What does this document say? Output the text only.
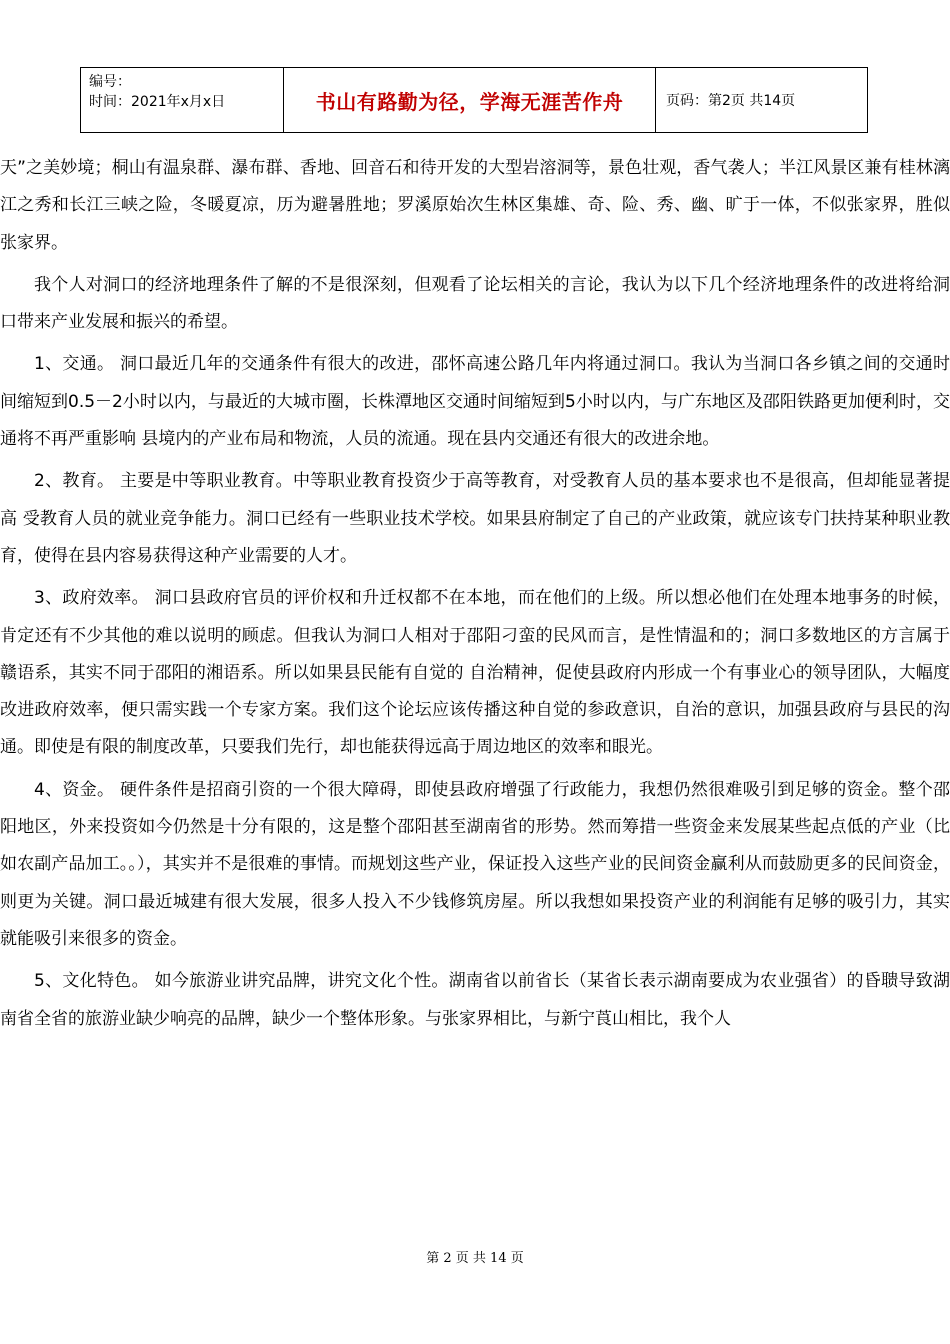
编号：
时间：2021年x月x日	书山有路勤为径，学海无涯苦作舟	页码：第2页 共14页

天”之美妙境；桐山有温泉群、瀑布群、香地、回音石和待开发的大型岩溶洞等，景色壮观，香气袭人；半江风景区兼有桂林漓江之秀和长江三峡之险，冬暖夏凉，历为避暑胜地；罗溪原始次生林区集雄、奇、险、秀、幽、旷于一体，不似张家界，胜似张家界。

我个人对洞口的经济地理条件了解的不是很深刻，但观看了论坛相关的言论，我认为以下几个经济地理条件的改进将给洞口带来产业发展和振兴的希望。

1、交通。 洞口最近几年的交通条件有很大的改进，邵怀高速公路几年内将通过洞口。我认为当洞口各乡镇之间的交通时间缩短到0.5－2小时以内，与最近的大城市圈，长株潭地区交通时间缩短到5小时以内，与广东地区及邵阳铁路更加便利时，交通将不再严重影响 县境内的产业布局和物流，人员的流通。现在县内交通还有很大的改进余地。

2、教育。 主要是中等职业教育。中等职业教育投资少于高等教育，对受教育人员的基本要求也不是很高，但却能显著提高 受教育人员的就业竞争能力。洞口已经有一些职业技术学校。如果县府制定了自己的产业政策，就应该专门扶持某种职业教育，使得在县内容易获得这种产业需要的人才。

3、政府效率。 洞口县政府官员的评价权和升迁权都不在本地，而在他们的上级。所以想必他们在处理本地事务的时候，肯定还有不少其他的难以说明的顾虑。但我认为洞口人相对于邵阳刁蛮的民风而言，是性情温和的；洞口多数地区的方言属于赣语系，其实不同于邵阳的湘语系。所以如果县民能有自觉的 自治精神，促使县政府内形成一个有事业心的领导团队，大幅度改进政府效率，便只需实践一个专家方案。我们这个论坛应该传播这种自觉的参政意识，自治的意识，加强县政府与县民的沟通。即使是有限的制度改革，只要我们先行，却也能获得远高于周边地区的效率和眼光。

4、资金。 硬件条件是招商引资的一个很大障碍，即使县政府增强了行政能力，我想仍然很难吸引到足够的资金。整个邵阳地区，外来投资如今仍然是十分有限的，这是整个邵阳甚至湖南省的形势。然而筹措一些资金来发展某些起点低的产业（比如农副产品加工。。），其实并不是很难的事情。而规划这些产业，保证投入这些产业的民间资金赢利从而鼓励更多的民间资金，则更为关键。洞口最近城建有很大发展，很多人投入不少钱修筑房屋。所以我想如果投资产业的利润能有足够的吸引力，其实就能吸引来很多的资金。

5、文化特色。 如今旅游业讲究品牌，讲究文化个性。湖南省以前省长（某省长表示湖南要成为农业强省）的昏聩导致湖南省全省的旅游业缺少响亮的品牌，缺少一个整体形象。与张家界相比，与新宁莨山相比，我个人

第 2 页 共 14 页
